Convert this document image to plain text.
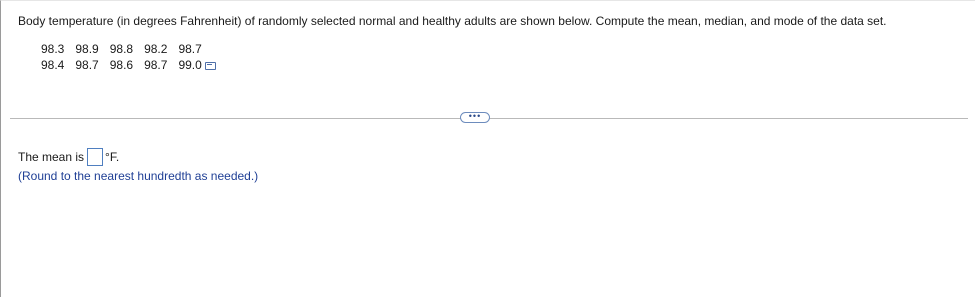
Body temperature (in degrees Fahrenheit) of randomly selected normal and healthy adults are shown below. Compute the mean, median, and mode of the data set.
98.3	98.9	98.8	98.2	98.7
98.4	98.7	98.6	98.7	99.0
•••
The mean is °F.
(Round to the nearest hundredth as needed.)
